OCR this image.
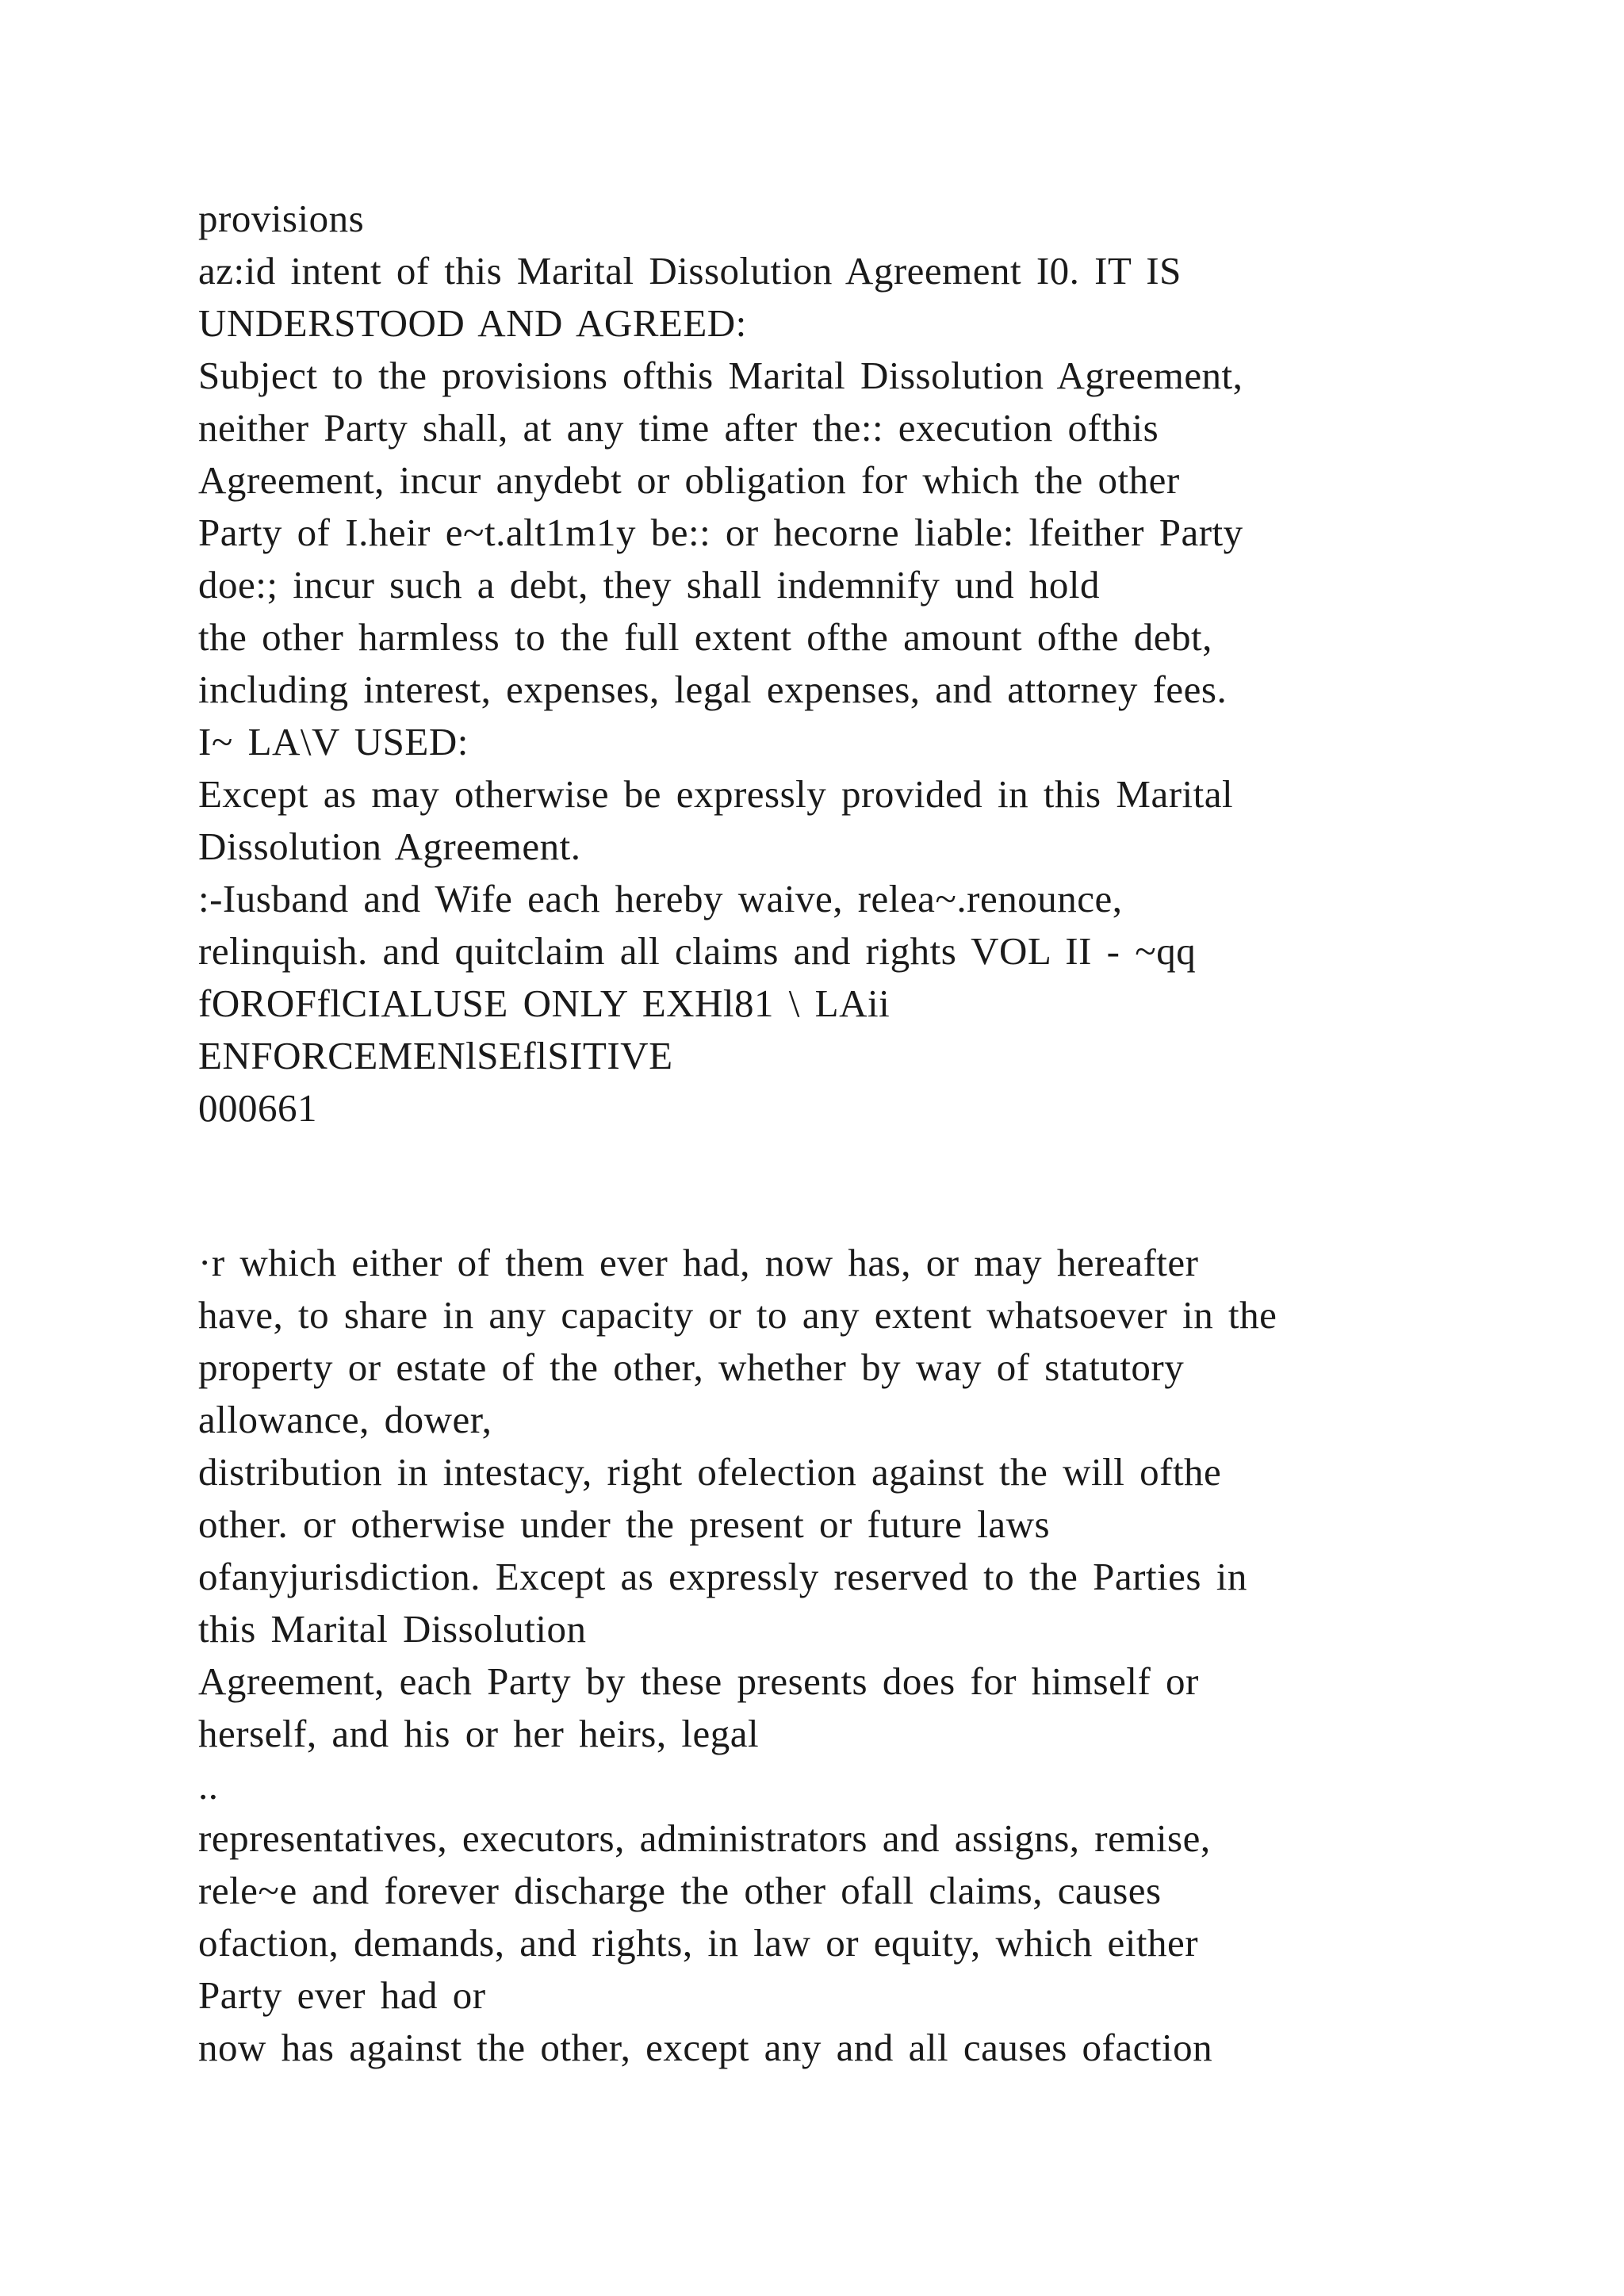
provisions
az:id intent of this Marital Dissolution Agreement I0. IT IS
UNDERSTOOD AND AGREED:
Subject to the provisions ofthis Marital Dissolution Agreement,
neither Party shall, at any time after the:: execution ofthis
Agreement, incur anydebt or obligation for which the other
Party of I.heir e~t.alt1m1y be:: or hecorne liable: lfeither Party
doe:; incur such a debt, they shall indemnify und hold
the other harmless to the full extent ofthe amount ofthe debt,
including interest, expenses, legal expenses, and attorney fees.
I~ LA\V USED:
Except as may otherwise be expressly provided in this Marital
Dissolution Agreement.
:-Iusband and Wife each hereby waive, relea~.renounce,
relinquish. and quitclaim all claims and rights VOL II - ~qq
fOROFflCIALUSE ONLY EXHl81 \ LAii
ENFORCEMENlSEflSITIVE
000661
·r which either of them ever had, now has, or may hereafter
have, to share in any capacity or to any extent whatsoever in the
property or estate of the other, whether by way of statutory
allowance, dower,
distribution in intestacy, right ofelection against the will ofthe
other. or otherwise under the present or future laws
ofanyjurisdiction. Except as expressly reserved to the Parties in
this Marital Dissolution
Agreement, each Party by these presents does for himself or
herself, and his or her heirs, legal
..
representatives, executors, administrators and assigns, remise,
rele~e and forever discharge the other ofall claims, causes
ofaction, demands, and rights, in law or equity, which either
Party ever had or
now has against the other, except any and all causes ofaction
